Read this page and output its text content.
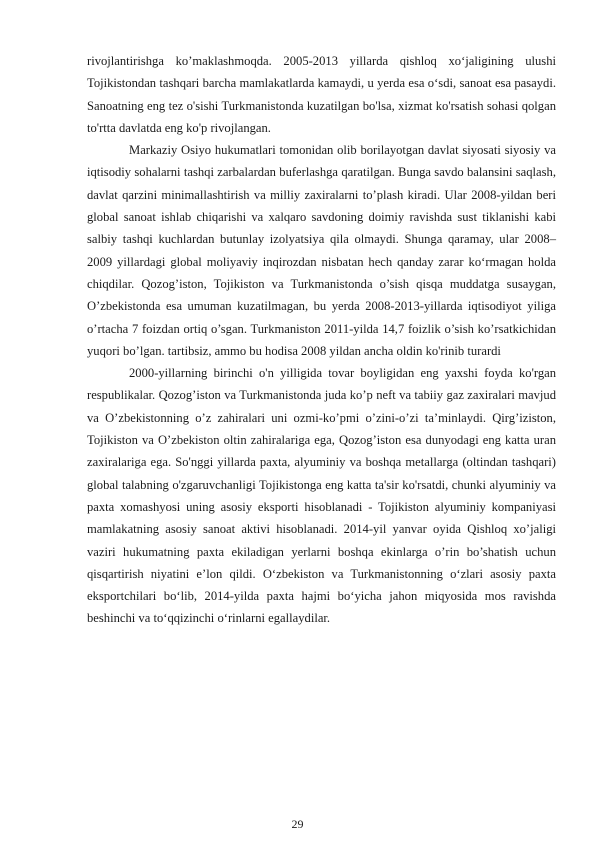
rivojlantirishga ko’maklashmoqda. 2005-2013 yillarda qishloq xo‘jaligining ulushi Tojikistondan tashqari barcha mamlakatlarda kamaydi, u yerda esa o‘sdi, sanoat esa pasaydi. Sanoatning eng tez o'sishi Turkmanistonda kuzatilgan bo'lsa, xizmat ko'rsatish sohasi qolgan to'rtta davlatda eng ko'p rivojlangan.

Markaziy Osiyo hukumatlari tomonidan olib borilayotgan davlat siyosati siyosiy va iqtisodiy sohalarni tashqi zarbalardan buferlashga qaratilgan. Bunga savdo balansini saqlash, davlat qarzini minimallashtirish va milliy zaxiralarni to’plash kiradi. Ular 2008-yildan beri global sanoat ishlab chiqarishi va xalqaro savdoning doimiy ravishda sust tiklanishi kabi salbiy tashqi kuchlardan butunlay izolyatsiya qila olmaydi. Shunga qaramay, ular 2008–2009 yillardagi global moliyaviy inqirozdan nisbatan hech qanday zarar ko‘rmagan holda chiqdilar. Qozog’iston, Tojikiston va Turkmanistonda o’sish qisqa muddatga susaygan, O’zbekistonda esa umuman kuzatilmagan, bu yerda 2008-2013-yillarda iqtisodiyot yiliga o’rtacha 7 foizdan ortiq o’sgan. Turkmaniston 2011-yilda 14,7 foizlik o’sish ko’rsatkichidan yuqori bo’lgan. tartibsiz, ammo bu hodisa 2008 yildan ancha oldin ko'rinib turardi

2000-yillarning birinchi o'n yilligida tovar boyligidan eng yaxshi foyda ko'rgan respublikalar. Qozog’iston va Turkmanistonda juda ko’p neft va tabiiy gaz zaxiralari mavjud va O’zbekistonning o’z zahiralari uni ozmi-ko’pmi o’zini-o’zi ta’minlaydi. Qirg’iziston, Tojikiston va O’zbekiston oltin zahiralariga ega, Qozog’iston esa dunyodagi eng katta uran zaxiralariga ega. So'nggi yillarda paxta, alyuminiy va boshqa metallarga (oltindan tashqari) global talabning o'zgaruvchanligi Tojikistonga eng katta ta'sir ko'rsatdi, chunki alyuminiy va paxta xomashyosi uning asosiy eksporti hisoblanadi - Tojikiston alyuminiy kompaniyasi mamlakatning asosiy sanoat aktivi hisoblanadi. 2014-yil yanvar oyida Qishloq xo’jaligi vaziri hukumatning paxta ekiladigan yerlarni boshqa ekinlarga o’rin bo’shatish uchun qisqartirish niyatini e’lon qildi. O‘zbekiston va Turkmanistonning o‘zlari asosiy paxta eksportchilari bo‘lib, 2014-yilda paxta hajmi bo‘yicha jahon miqyosida mos ravishda beshinchi va to‘qqizinchi o‘rinlarni egallaydilar.

29
